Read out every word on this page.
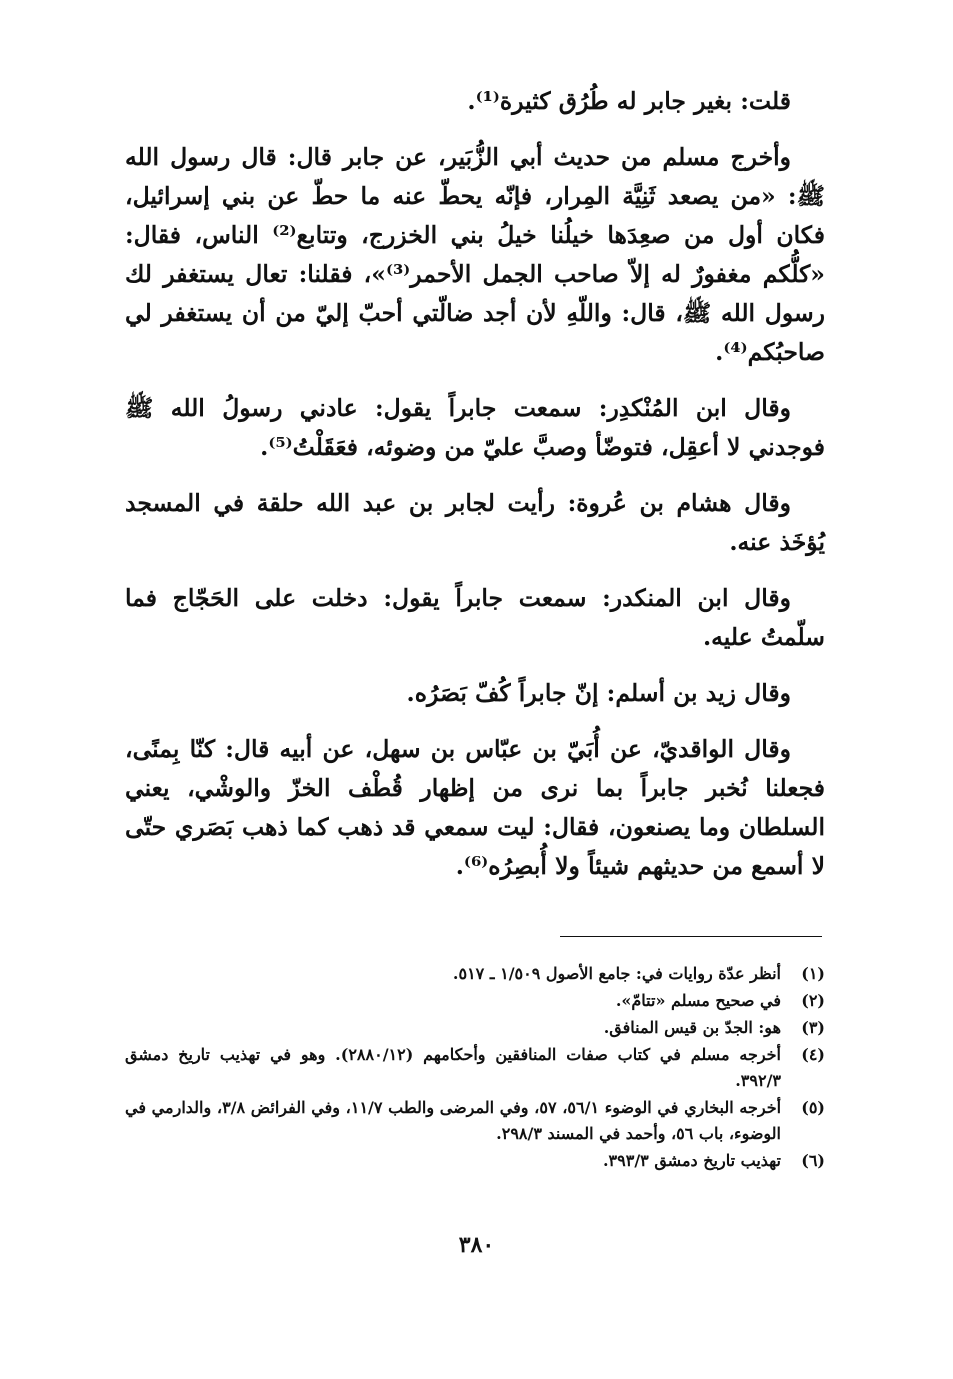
قلت: بغير جابر له طُرُق كثيرة⁽¹⁾.

وأخرج مسلم من حديث أبي الزُّبَير، عن جابر قال: قال رسول الله ﷺ: «من يصعد ثَنِيَّة المِرار، فإنّه يحطّ عنه ما حطّ عن بني إسرائيل، فكان أول من صعِدَها خيلُنا خيلُ بني الخزرج، وتتابع⁽²⁾ الناس، فقال: «كلُّكم مغفورٌ له إلاّ صاحب الجمل الأحمر⁽³⁾»، فقلنا: تعال يستغفر لك رسول الله ﷺ، قال: واللّهِ لأن أجد ضالّتي أحبّ إليّ من أن يستغفر لي صاحبُكم⁽⁴⁾.

وقال ابن المُنْكدِر: سمعت جابراً يقول: عادني رسولُ الله ﷺ فوجدني لا أعقِل، فتوضّأ وصبَّ عليّ من وضوئه، فعَقَلْتُ⁽⁵⁾.

وقال هشام بن عُروة: رأيت لجابر بن عبد الله حلقة في المسجد يُؤخَذ عنه.

وقال ابن المنكدر: سمعت جابراً يقول: دخلت على الحَجّاج فما سلّمتُ عليه.

وقال زيد بن أسلم: إنّ جابراً كُفّ بَصَرُه.

وقال الواقديّ، عن أُبَيّ بن عبّاس بن سهل، عن أبيه قال: كنّا بِمنًى، فجعلنا نُخبر جابراً بما نرى من إظهار قُطْف الخزّ والوشْي، يعني السلطان وما يصنعون، فقال: ليت سمعي قد ذهب كما ذهب بَصَري حتّى لا أسمع من حديثهم شيئاً ولا أُبصِرُه⁽⁶⁾.

(١)
أنظر عدّة روايات في: جامع الأصول ١/٥٠٩ ـ ٥١٧.
(٢)
في صحيح مسلم «تتامّ».
(٣)
هو: الجدّ بن قيس المنافق.
(٤)
أخرجه مسلم في كتاب صفات المنافقين وأحكامهم (٢٨٨٠/١٢). وهو في تهذيب تاريخ دمشق ٣٩٢/٣.
(٥)
أخرجه البخاري في الوضوء ٥٦/١، ٥٧، وفي المرضى والطب ١١/٧، وفي الفرائض ٣/٨، والدارمي في الوضوء، باب ٥٦، وأحمد في المسند ٢٩٨/٣.
(٦)
تهذيب تاريخ دمشق ٣٩٣/٣.
٣٨٠
